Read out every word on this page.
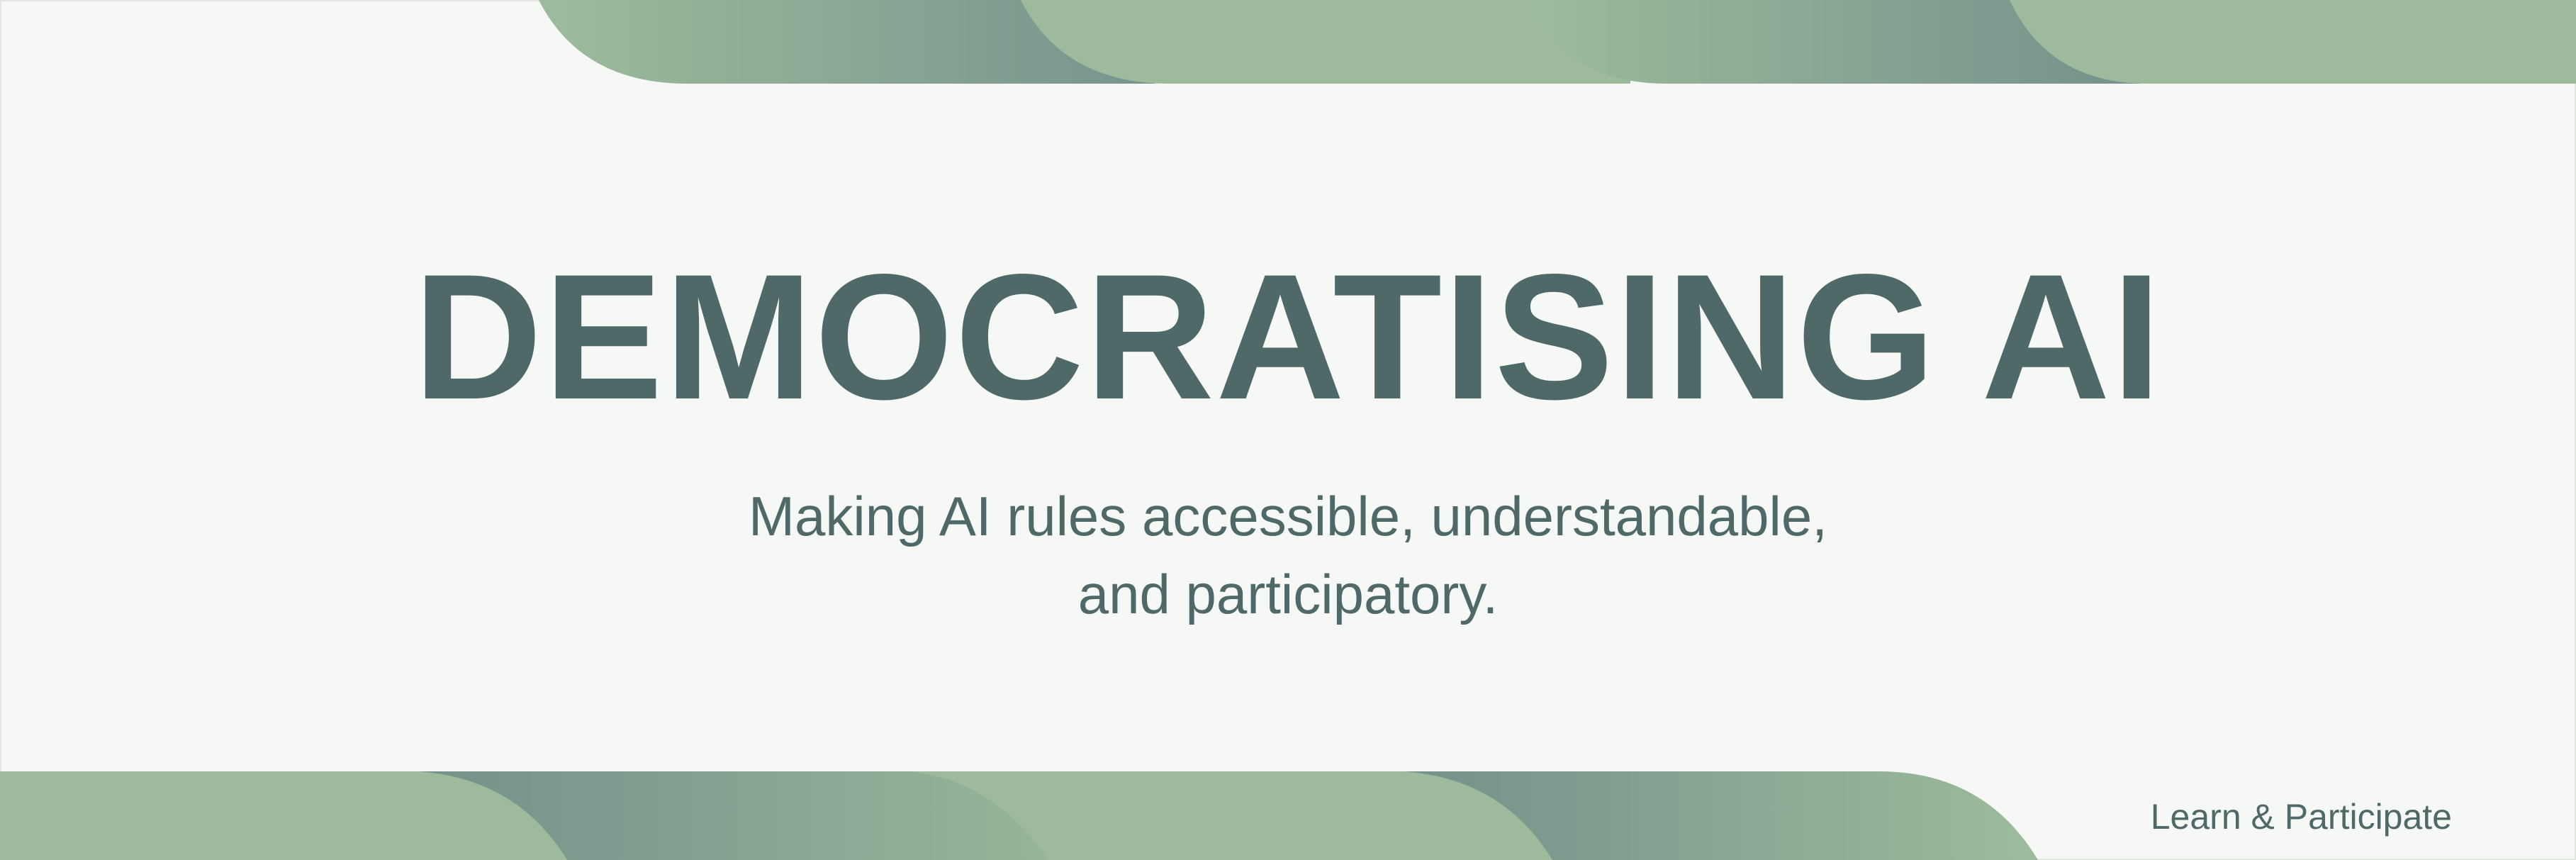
DEMOCRATISING AI

Making AI rules accessible, understandable,

and participatory.

Learn & Participate
